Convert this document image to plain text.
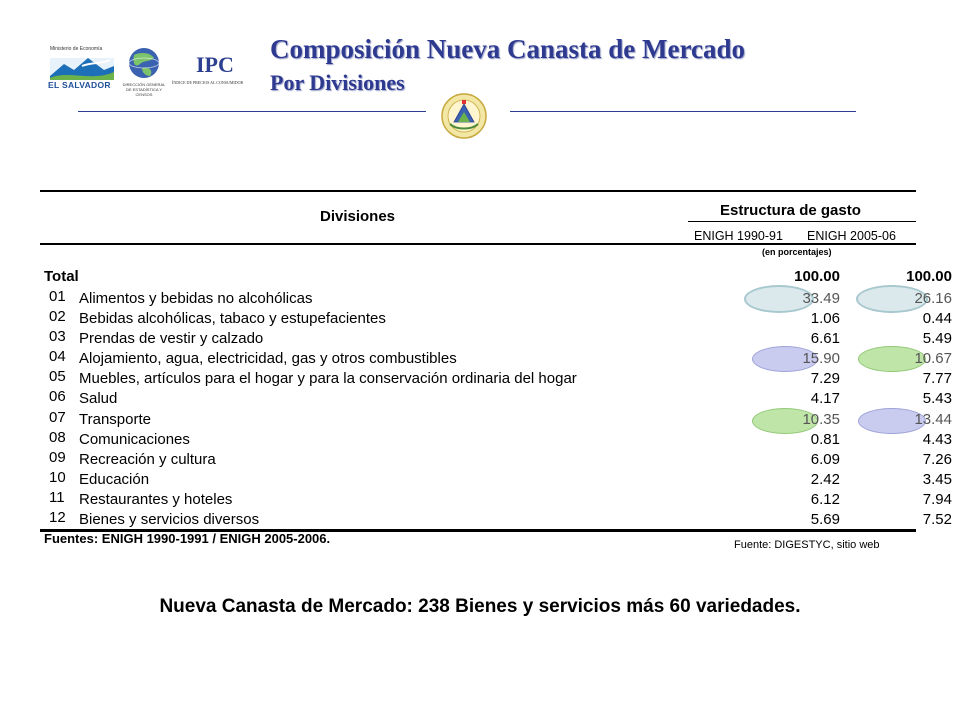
Ministerio de Economía
EL SALVADOR	DIRECCIÓN GENERAL DE ESTADÍSTICA Y CENSOS
IPC
ÍNDICE DE PRECIOS AL CONSUMIDOR
Composición Nueva Canasta de Mercado
Por Divisiones
Divisiones	Estructura de gasto
ENIGH 1990-91 ENIGH 2005-06
(en porcentajes)
Total	100.00	100.00
01 Alimentos y bebidas no alcohólicas	33.49	26.16
02 Bebidas alcohólicas, tabaco y estupefacientes	1.06	0.44
03 Prendas de vestir y calzado	6.61	5.49
04 Alojamiento, agua, electricidad, gas y otros combustibles	15.90	10.67
05 Muebles, artículos para el hogar y para la conservación ordinaria del hogar	7.29	7.77
06 Salud	4.17	5.43
07 Transporte	10.35	13.44
08 Comunicaciones	0.81	4.43
09 Recreación y cultura	6.09	7.26
10 Educación	2.42	3.45
11 Restaurantes y hoteles	6.12	7.94
12 Bienes y servicios diversos	5.69	7.52
Fuentes: ENIGH 1990-1991 / ENIGH 2005-2006.	Fuente: DIGESTYC, sitio web
Nueva Canasta de Mercado: 238 Bienes y servicios más 60 variedades.
